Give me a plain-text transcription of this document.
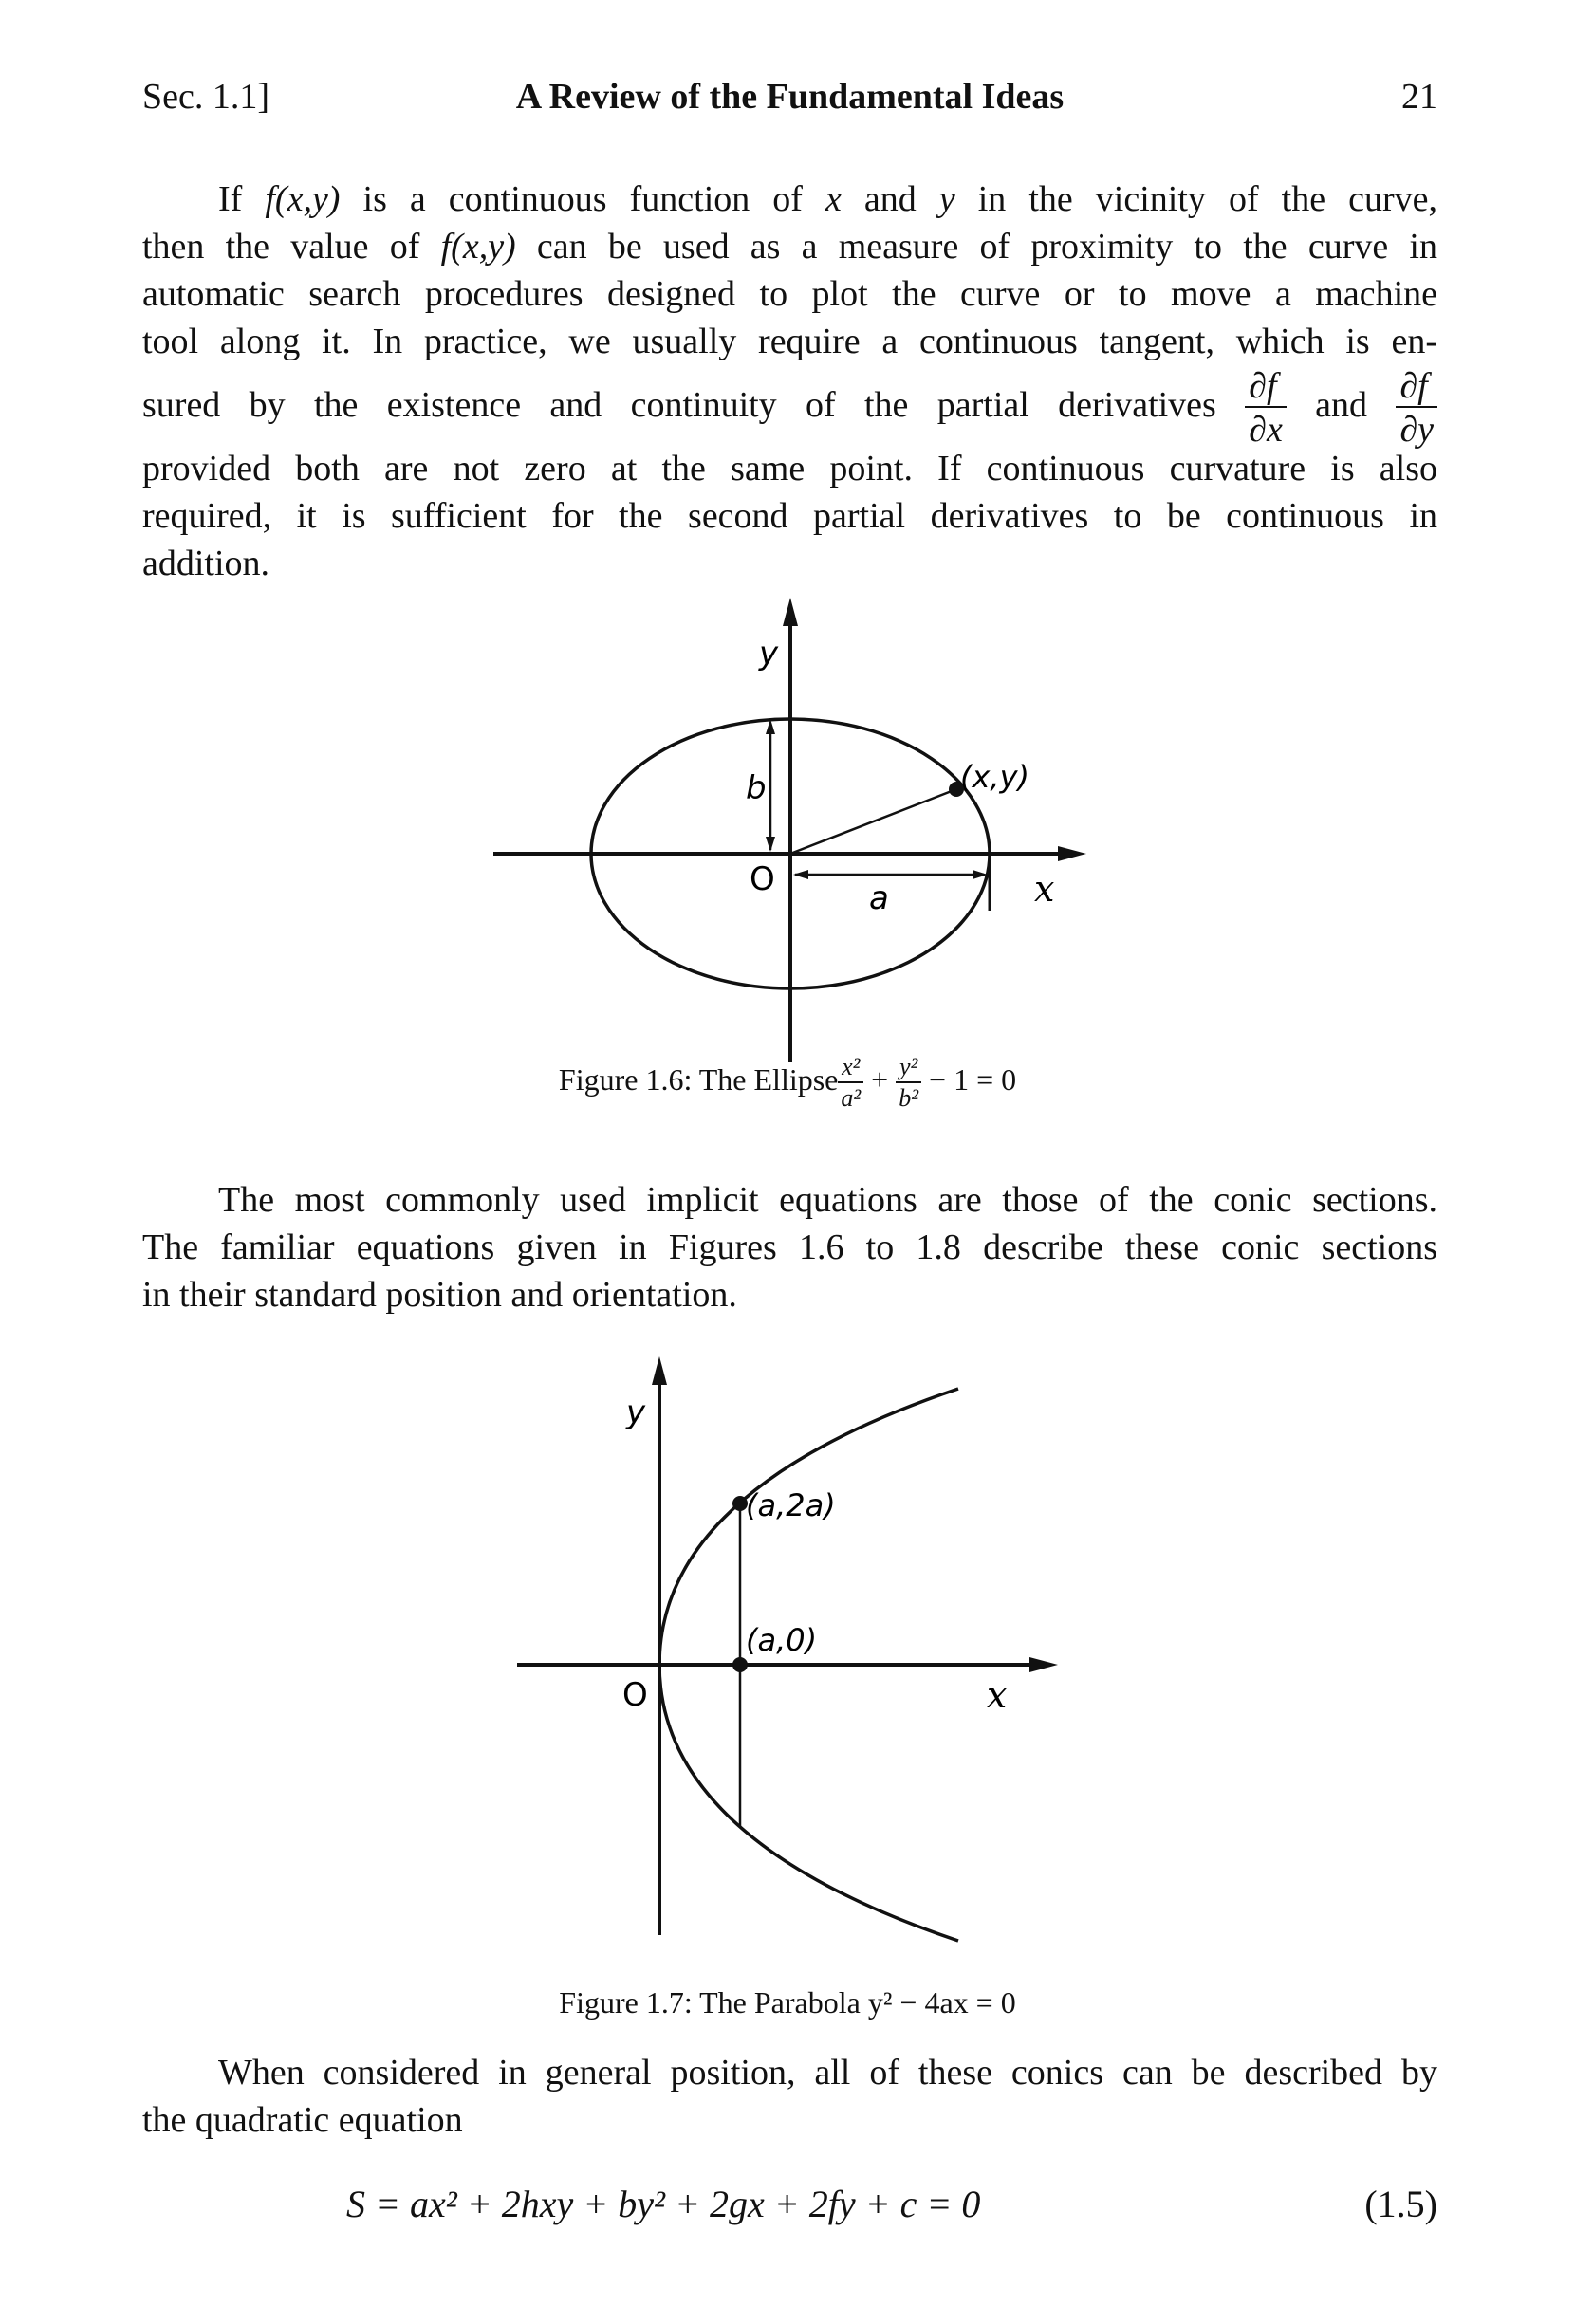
Sec. 1.1]	A Review of the Fundamental Ideas	21
If f(x,y) is a continuous function of x and y in the vicinity of the curve,
then the value of f(x,y) can be used as a measure of proximity to the curve in
automatic search procedures designed to plot the curve or to move a machine
tool along it. In practice, we usually require a continuous tangent, which is en-
sured by the existence and continuity of the partial derivatives $\frac{\partial f}{\partial x}$ and $\frac{\partial f}{\partial y}$
provided both are not zero at the same point. If continuous curvature is also
required, it is sufficient for the second partial derivatives to be continuous in
addition.
y
b
O	a	x
(x,y)
Figure 1.6: The Ellipse $\frac{\text{x²}}{\text{a²}} + \frac{\text{y²}}{\text{b²}} - 1 = 0$
The most commonly used implicit equations are those of the conic sections.
The familiar equations given in Figures 1.6 to 1.8 describe these conic sections
in their standard position and orientation.
y
(a,2a)
(a,0)
O	x
Figure 1.7: The Parabola y² − 4ax = 0
When considered in general position, all of these conics can be described by
the quadratic equation
S = ax² + 2hxy + by² + 2gx + 2fy + c = 0	(1.5)
